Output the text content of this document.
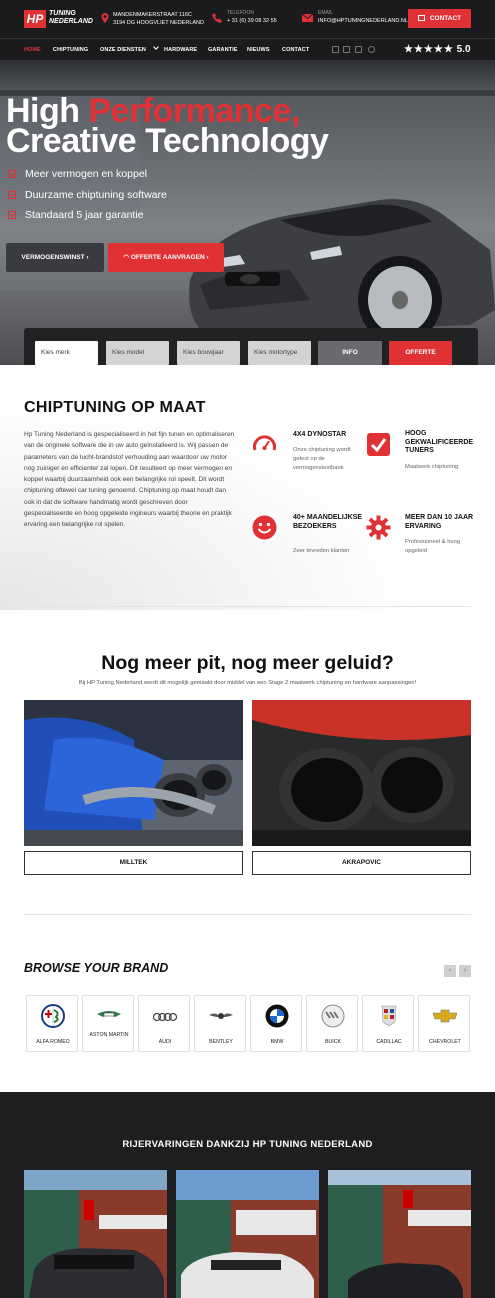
HP TUNING
NEDERLAND
MANDENMAKERSTRAAT 116C
3194 DG HOOGVLIET NEDERLAND
TELEFOON
+ 31 (6) 39 08 32 55
EMAIL
INFO@HPTUNINGNEDERLAND.NL	CONTACT
HOME CHIPTUNING ONZE DIENSTEN	HARDWARE GARANTIE NIEUWS CONTACT	★★★★★ 5.0
High Performance,
Creative Technology
Meer vermogen en koppel
Duurzame chiptuning software
Standaard 5 jaar garantie
VERMOGENSWINST ›	◠ OFFERTE AANVRAGEN ›
Kies merk	Kies model	Kies bouwjaar	Kies motortype	INFO	OFFERTE
CHIPTUNING OP MAAT
Hp Tuning Nederland is gespecialiseerd in het fijn tunen en optimaliseren van de originele software die in uw auto geïnstalleerd is. Wij passen de parameters van de lucht-brandstof verhouding aan waardoor uw motor nog zuiniger en efficienter zal lopen. Dit resulteert op meer vermogen en koppel waarbij duurzaamheid ook een belangrijke rol speelt. Dit wordt chiptuning oftewel car tuning genoemd. Chiptuning op maat houdt dan ook in dat de software handmatig wordt geschreven door gespecialiseerde en hoog opgeleide ingineurs waarbij theorie en praktijk ervaring een belangrijke rol spelen.
4X4 DYNOSTAR
Onze chiptuning wordt getest op de vermogenstestbank
HOOG GEKWALIFICEERDE TUNERS
Maatwerk chiptuning
40+ MAANDELIJKSE BEZOEKERS
Zeer tevreden klanten
MEER DAN 10 JAAR ERVARING
Professioneel & hoog opgeleid
Nog meer pit, nog meer geluid?
Bij HP Tuning Nederland wordt dit mogelijk gemaakt door middel van een Stage 2 maatwerk chiptuning en hardware aanpassingen!
MILLTEK	AKRAPOVIC
BROWSE YOUR BRAND	‹	›
ALFA ROMEO
ASTON MARTIN
AUDI	BENTLEY	BMW	BUICK	CADILLAC	CHEVROLET
RIJERVARINGEN DANKZIJ HP TUNING NEDERLAND
